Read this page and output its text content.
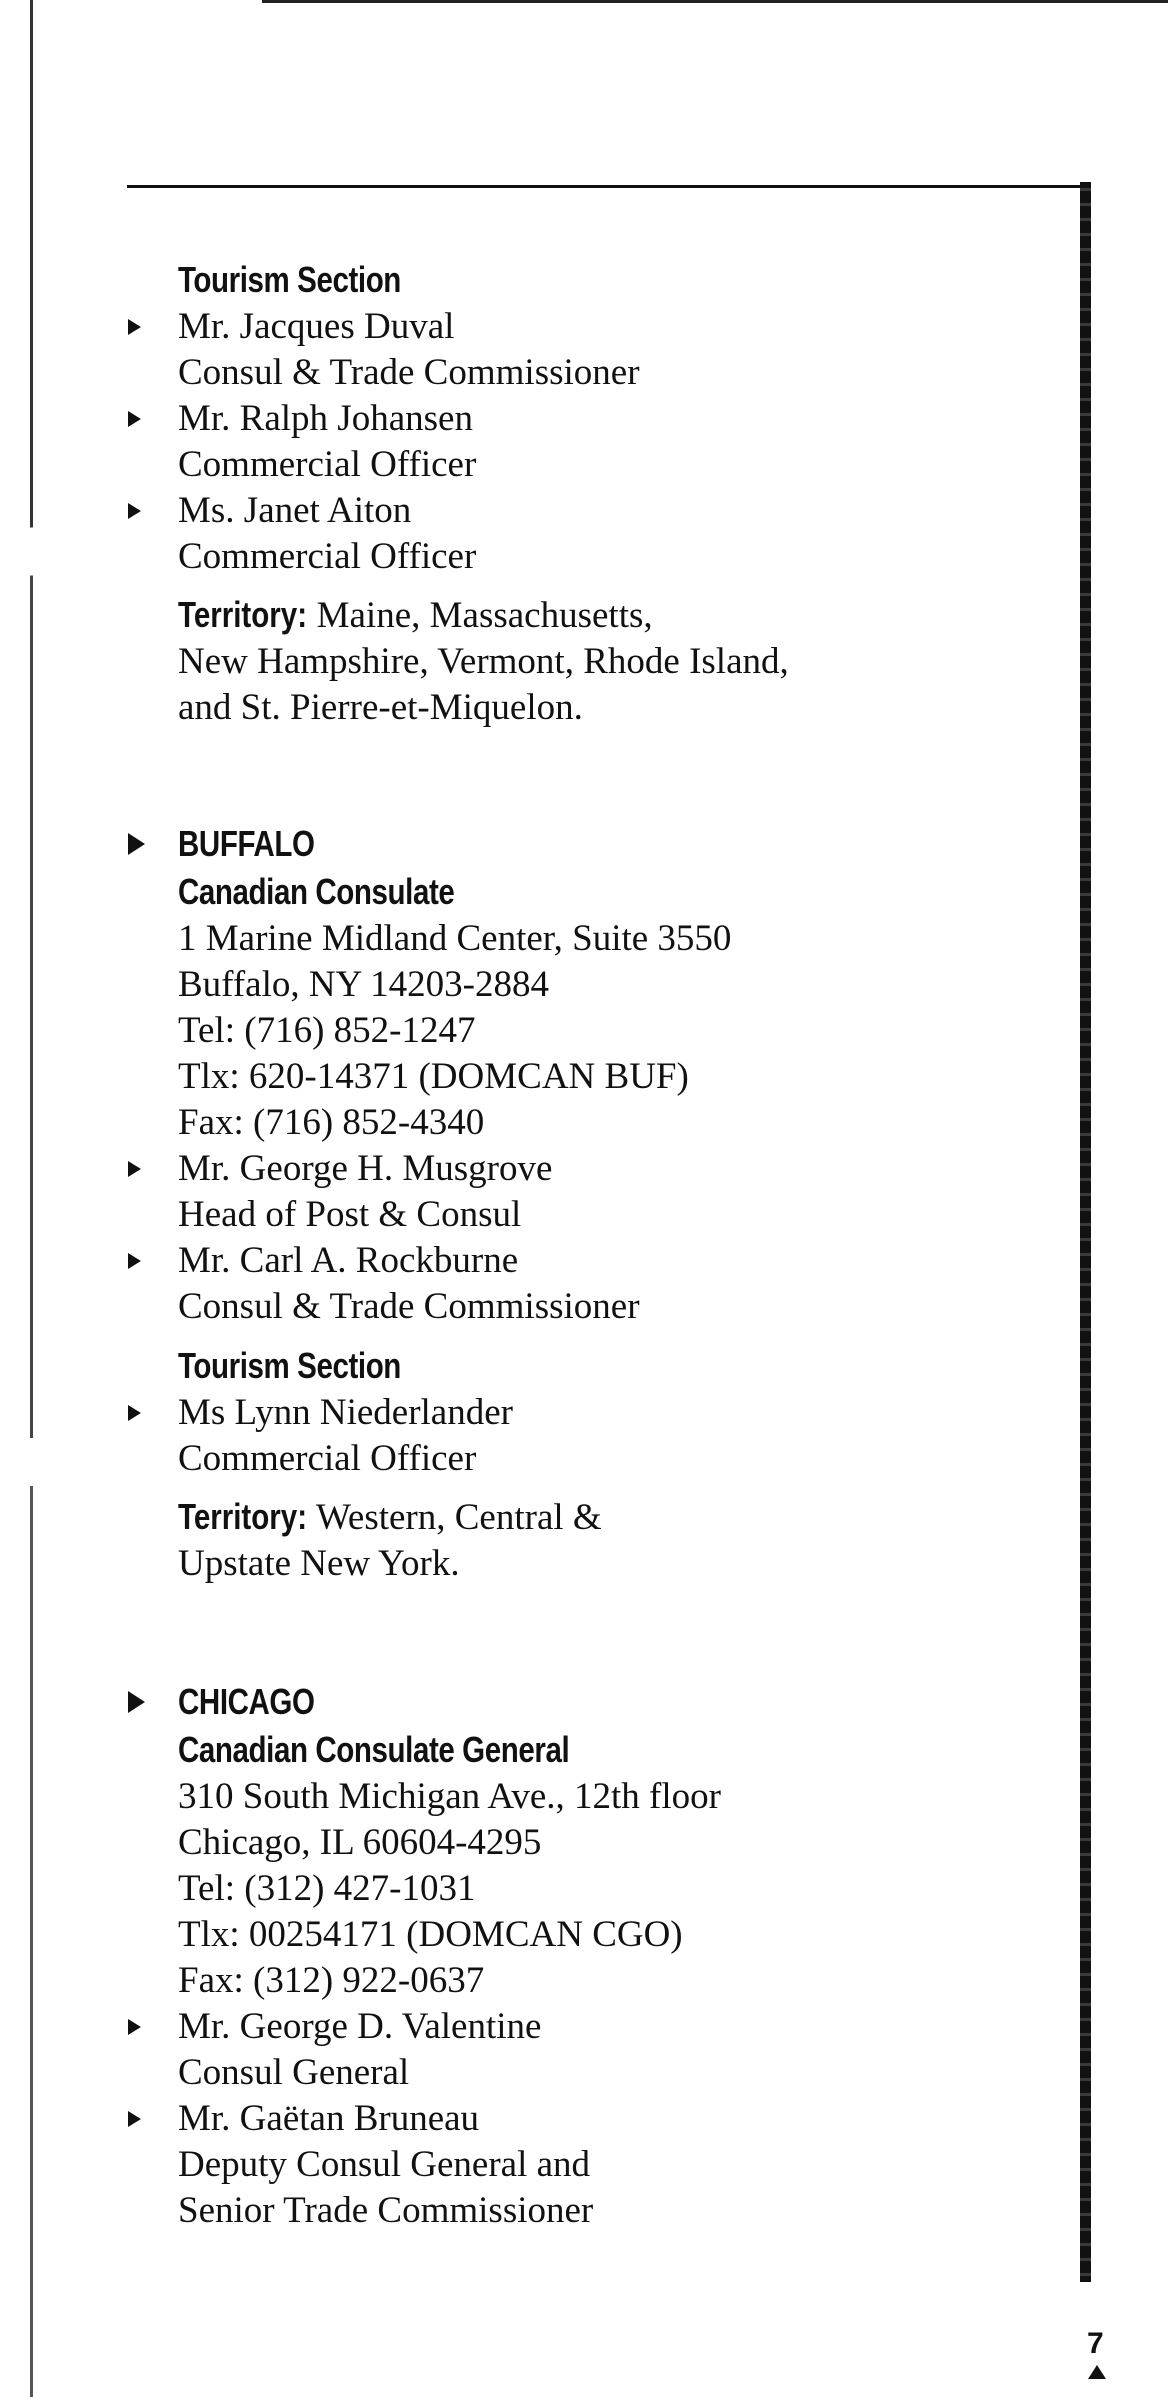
Tourism Section
Mr. Jacques Duval
Consul & Trade Commissioner
Mr. Ralph Johansen
Commercial Officer
Ms. Janet Aiton
Commercial Officer
Territory: Maine, Massachusetts,
New Hampshire, Vermont, Rhode Island,
and St. Pierre-et-Miquelon.
BUFFALO
Canadian Consulate
1 Marine Midland Center, Suite 3550
Buffalo, NY 14203-2884
Tel: (716) 852-1247
Tlx: 620-14371 (DOMCAN BUF)
Fax: (716) 852-4340
Mr. George H. Musgrove
Head of Post & Consul
Mr. Carl A. Rockburne
Consul & Trade Commissioner
Tourism Section
Ms Lynn Niederlander
Commercial Officer
Territory: Western, Central &
Upstate New York.
CHICAGO
Canadian Consulate General
310 South Michigan Ave., 12th floor
Chicago, IL 60604-4295
Tel: (312) 427-1031
Tlx: 00254171 (DOMCAN CGO)
Fax: (312) 922-0637
Mr. George D. Valentine
Consul General
Mr. Gaëtan Bruneau
Deputy Consul General and
Senior Trade Commissioner
7
